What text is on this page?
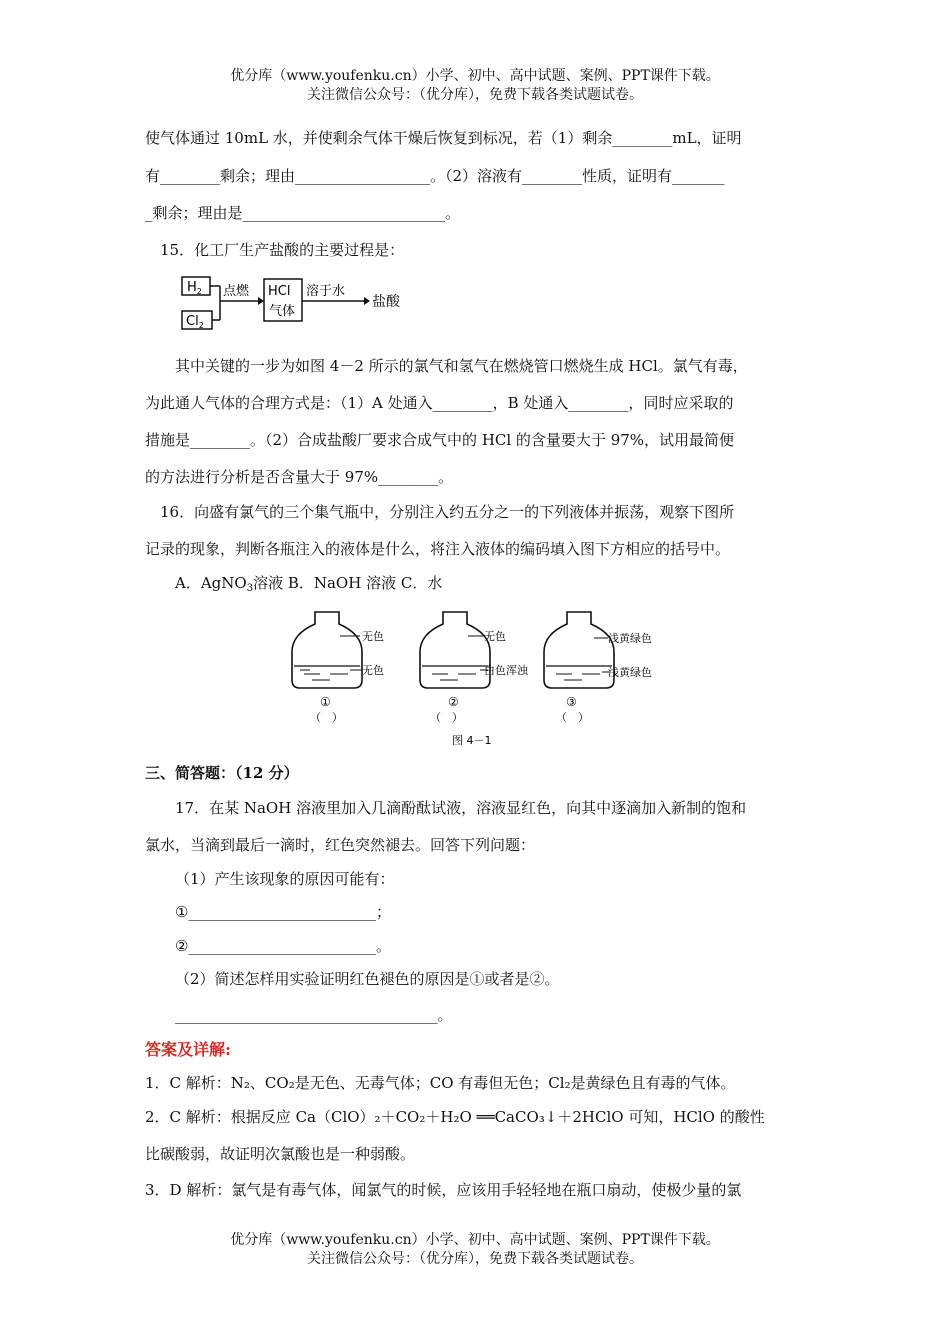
优分库（www.youfenku.cn）小学、初中、高中试题、案例、PPT课件下载。
关注微信公众号：（优分库），免费下载各类试题试卷。
使气体通过 10mL 水，并使剩余气体干燥后恢复到标况，若（1）剩余________mL，证明
有________剩余；理由__________________。（2）溶液有________性质，证明有_______
_剩余；理由是___________________________。
15．化工厂生产盐酸的主要过程是：
$H_2$
$Cl_2$
点燃 HCl
气体
溶于水
盐酸
其中关键的一步为如图 4－2 所示的氯气和氢气在燃烧管口燃烧生成 HCl。氯气有毒，
为此通人气体的合理方式是：（1）A 处通入________，B 处通入________，同时应采取的
措施是________。（2）合成盐酸厂要求合成气中的 HCl 的含量要大于 97%，试用最简便
的方法进行分析是否含量大于 97%________。
16．向盛有氯气的三个集气瓶中，分别注入约五分之一的下列液体并振荡，观察下图所
记录的现象，判断各瓶注入的液体是什么，将注入液体的编码填入图下方相应的括号中。
A．AgNO$_3$溶液 B．NaOH 溶液 C．水
无色
无色
①
（　）
无色
白色浑浊
②
（　）
浅黄绿色
浅黄绿色
③
（　）
图 4－1
三、简答题：（12 分）
17．在某 NaOH 溶液里加入几滴酚酞试液，溶液显红色，向其中逐滴加入新制的饱和
氯水，当滴到最后一滴时，红色突然褪去。回答下列问题：
（1）产生该现象的原因可能有：
①_________________________；
②_________________________。
（2）简述怎样用实验证明红色褪色的原因是①或者是②。
___________________________________。
答案及详解:
1．C 解析：N₂、CO₂是无色、无毒气体；CO 有毒但无色；Cl₂是黄绿色且有毒的气体。
2．C 解析：根据反应 Ca（ClO）₂＋CO₂＋H₂O ══CaCO₃↓＋2HClO 可知，HClO 的酸性
比碳酸弱，故证明次氯酸也是一种弱酸。
3．D 解析：氯气是有毒气体，闻氯气的时候，应该用手轻轻地在瓶口扇动，使极少量的氯
优分库（www.youfenku.cn）小学、初中、高中试题、案例、PPT课件下载。
关注微信公众号：（优分库），免费下载各类试题试卷。
